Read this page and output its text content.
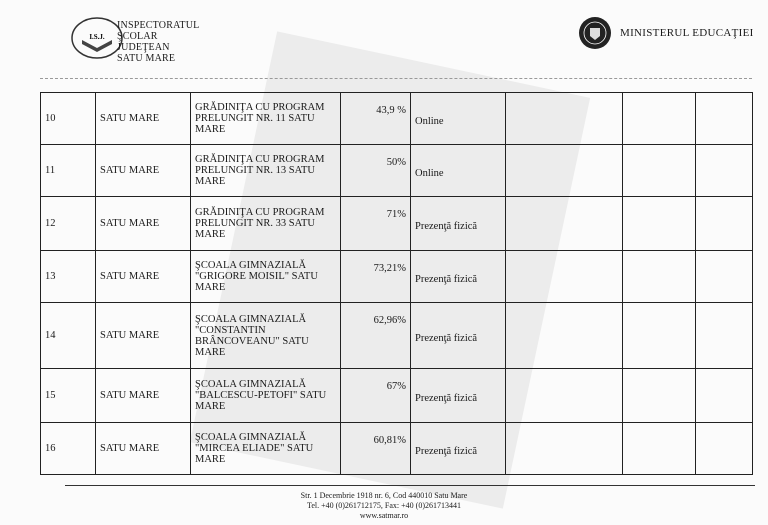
I.S.J.
INSPECTORATUL
ŞCOLAR
JUDEŢEAN
SATU MARE
MINISTERUL EDUCAŢIEI
10	SATU MARE	GRĂDINIŢA CU PROGRAM PRELUNGIT NR. 11 SATU MARE	43,9 %	Online			
11	SATU MARE	GRĂDINIŢA CU PROGRAM PRELUNGIT NR. 13 SATU MARE	50%	Online			
12	SATU MARE	GRĂDINIŢA CU PROGRAM PRELUNGIT NR. 33 SATU MARE	71%	Prezenţă fizică			
13	SATU MARE	ŞCOALA GIMNAZIALĂ "GRIGORE MOISIL" SATU MARE	73,21%	Prezenţă fizică			
14	SATU MARE	ŞCOALA GIMNAZIALĂ "CONSTANTIN BRÂNCOVEANU" SATU MARE	62,96%	Prezenţă fizică			
15	SATU MARE	ŞCOALA GIMNAZIALĂ "BALCESCU-PETOFI" SATU MARE	67%	Prezenţă fizică			
16	SATU MARE	ŞCOALA GIMNAZIALĂ "MIRCEA ELIADE" SATU MARE	60,81%	Prezenţă fizică			
Str. 1 Decembrie 1918 nr. 6, Cod 440010 Satu Mare
Tel. +40 (0)261712175, Fax: +40 (0)261713441
www.satmar.ro
